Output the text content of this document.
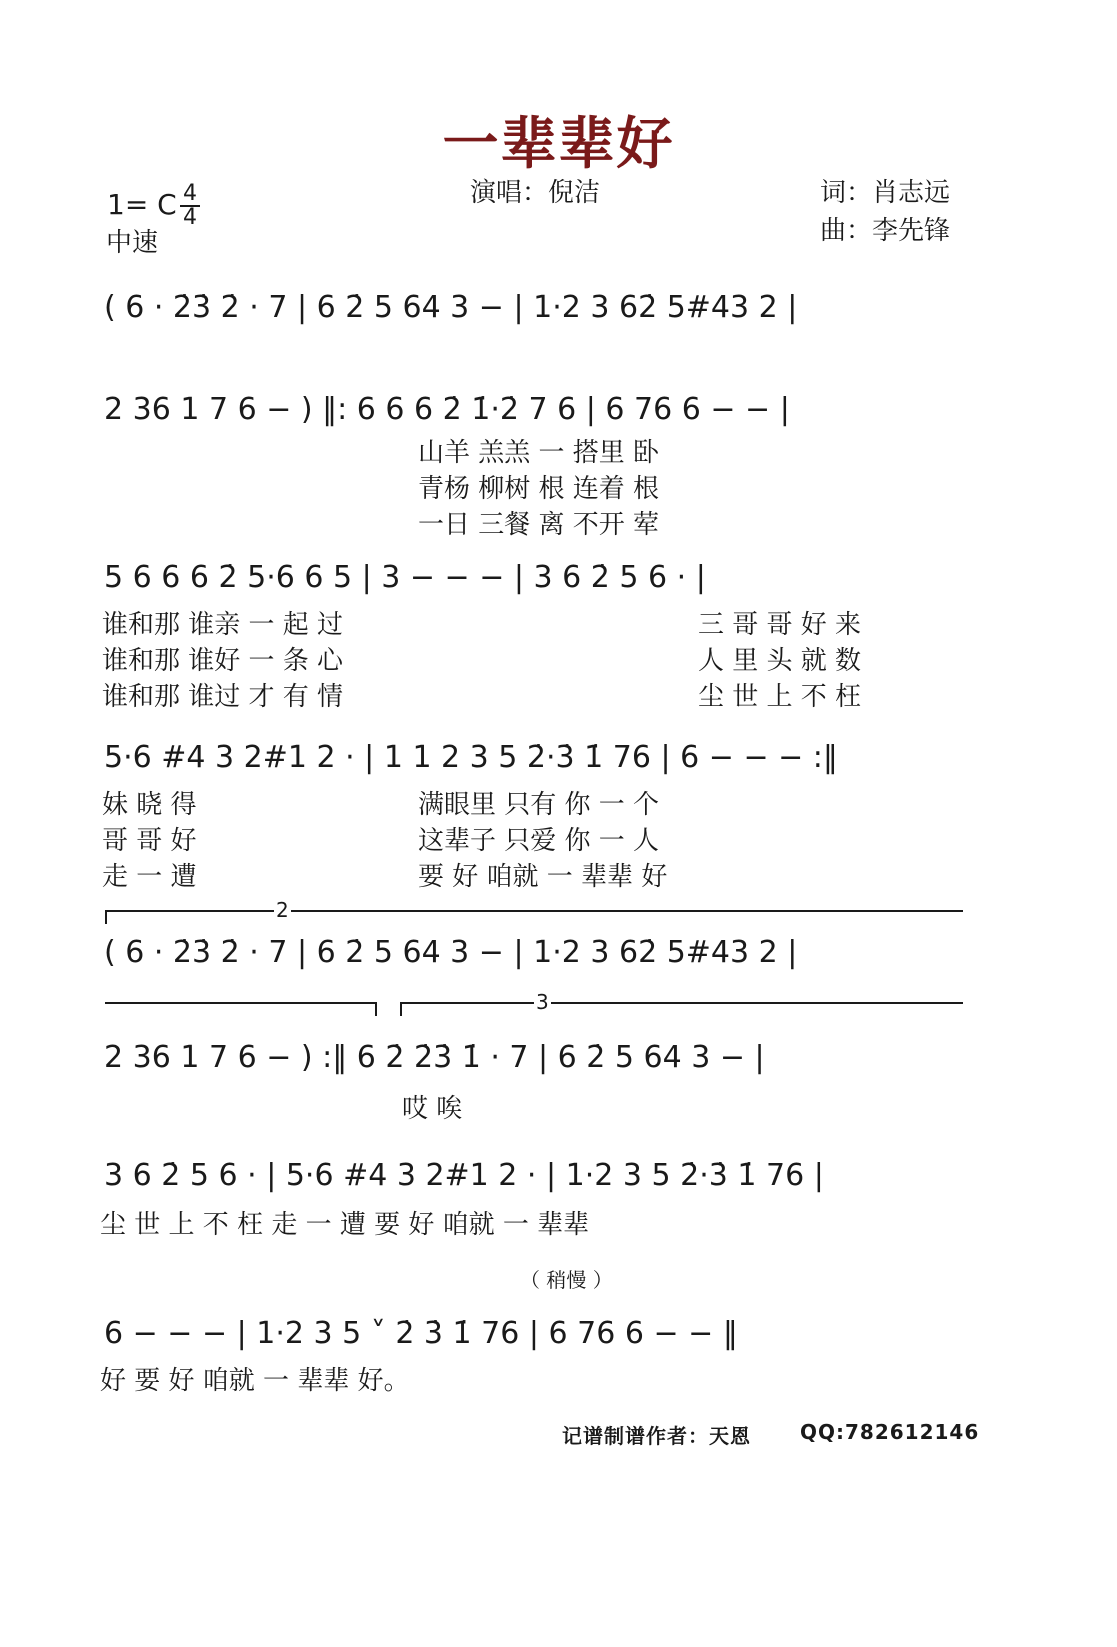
一辈辈好
1= C 4
4
中速
演唱：倪洁	词：肖志远
曲：李先锋
( 6 · 2̇3̇ 2̇ · 7 | 6 2̇ 5 64 3 − | 1·2 3 62̇ 5#43 2 |
2 36 1 7 6 − ) ‖: 6 6 6 2̇ 1̇·2̇ 7 6 | 6 76 6 − − |
山羊 羔羔 一 搭里 卧
青杨 柳树 根 连着 根
一日 三餐 离 不开 荤
5 6 6 6 2̇ 5·6 6 5 | 3 − − − | 3 6 2̇ 5 6 · |
谁和那 谁亲 一 起 过
谁和那 谁好 一 条 心
谁和那 谁过 才 有 情
三 哥 哥 好 来
人 里 头 就 数
尘 世 上 不 枉
5·6 #4 3 2#1 2 · | 1 1 2 3 5 2̇·3̇ 1̇ 76 | 6 − − − :‖
妹 晓 得
哥 哥 好
走 一 遭
满眼里 只有 你 一 个
这辈子 只爱 你 一 人
要 好 咱就 一 辈辈 好
2
( 6 · 2̇3̇ 2̇ · 7 | 6 2̇ 5 64 3 − | 1·2 3 62̇ 5#43 2 |
3
2 36 1 7 6 − ) :‖ 6 2̇ 2̇3̇ 1̇ · 7 | 6 2̇ 5 64 3 − |
哎 唉
3 6 2̇ 5 6 · | 5·6 #4 3 2#1 2 · | 1·2 3 5 2̇·3̇ 1̇ 76 |
尘 世 上 不 枉 走 一 遭 要 好 咱就 一 辈辈
（ 稍慢 ）
6 − − − | 1·2 3 5 ˅ 2̇ 3̇ 1̇ 76 | 6 76 6 − − ‖
好 要 好 咱就 一 辈辈 好。
记谱制谱作者：天恩 QQ:782612146
